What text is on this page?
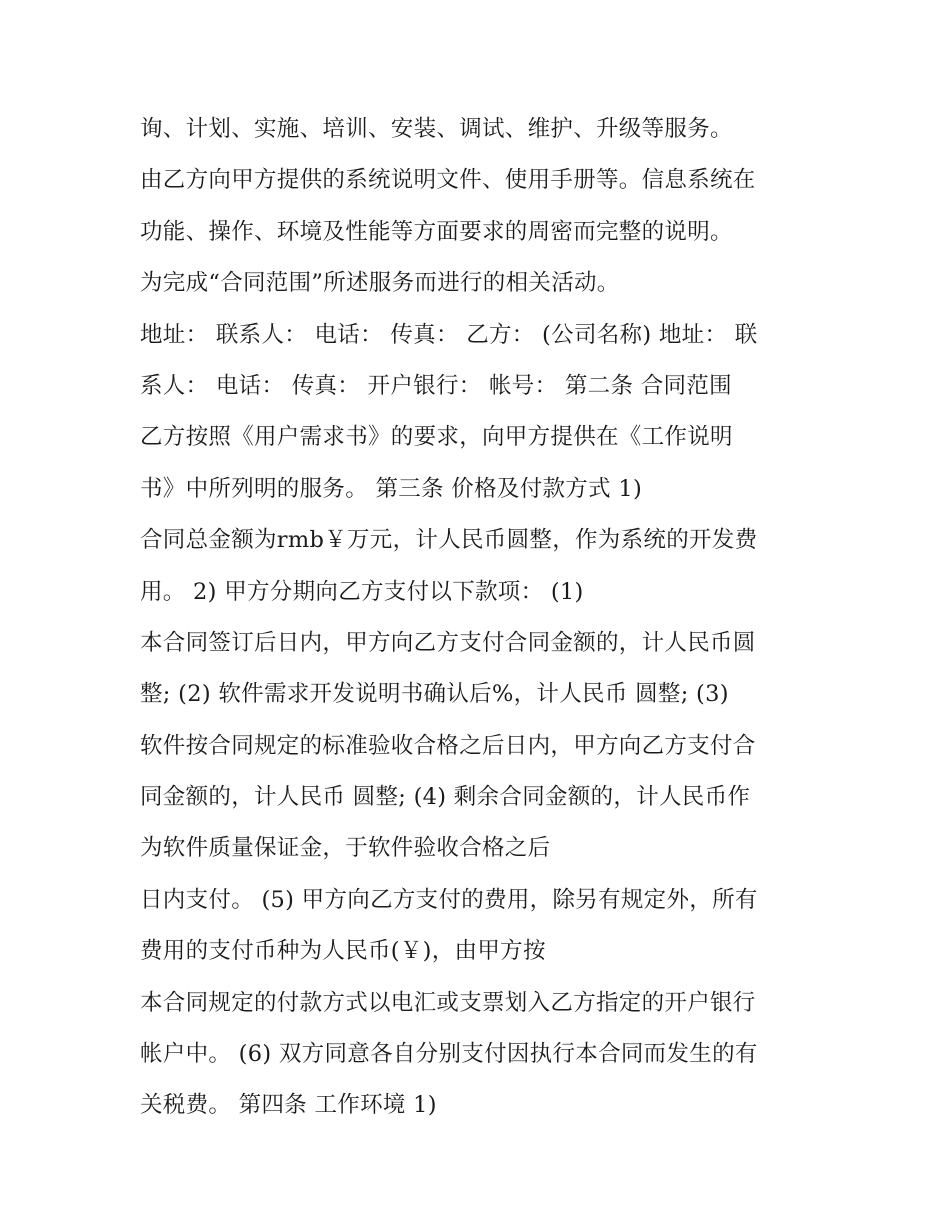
询、计划、实施、培训、安装、调试、维护、升级等服务。
由乙方向甲方提供的系统说明文件、使用手册等。信息系统在
功能、操作、环境及性能等方面要求的周密而完整的说明。
为完成“合同范围”所述服务而进行的相关活动。
地址： 联系人： 电话： 传真： 乙方： (公司名称) 地址： 联
系人： 电话： 传真： 开户银行： 帐号： 第二条 合同范围
乙方按照《用户需求书》的要求，向甲方提供在《工作说明
书》中所列明的服务。 第三条 价格及付款方式 1)
合同总金额为rmb￥万元，计人民币圆整，作为系统的开发费
用。 2) 甲方分期向乙方支付以下款项： (1)
本合同签订后日内，甲方向乙方支付合同金额的，计人民币圆
整; (2) 软件需求开发说明书确认后%，计人民币 圆整; (3)
软件按合同规定的标准验收合格之后日内，甲方向乙方支付合
同金额的，计人民币 圆整; (4) 剩余合同金额的，计人民币作
为软件质量保证金，于软件验收合格之后
日内支付。 (5) 甲方向乙方支付的费用，除另有规定外，所有
费用的支付币种为人民币(￥)，由甲方按
本合同规定的付款方式以电汇或支票划入乙方指定的开户银行
帐户中。 (6) 双方同意各自分别支付因执行本合同而发生的有
关税费。 第四条 工作环境 1)
